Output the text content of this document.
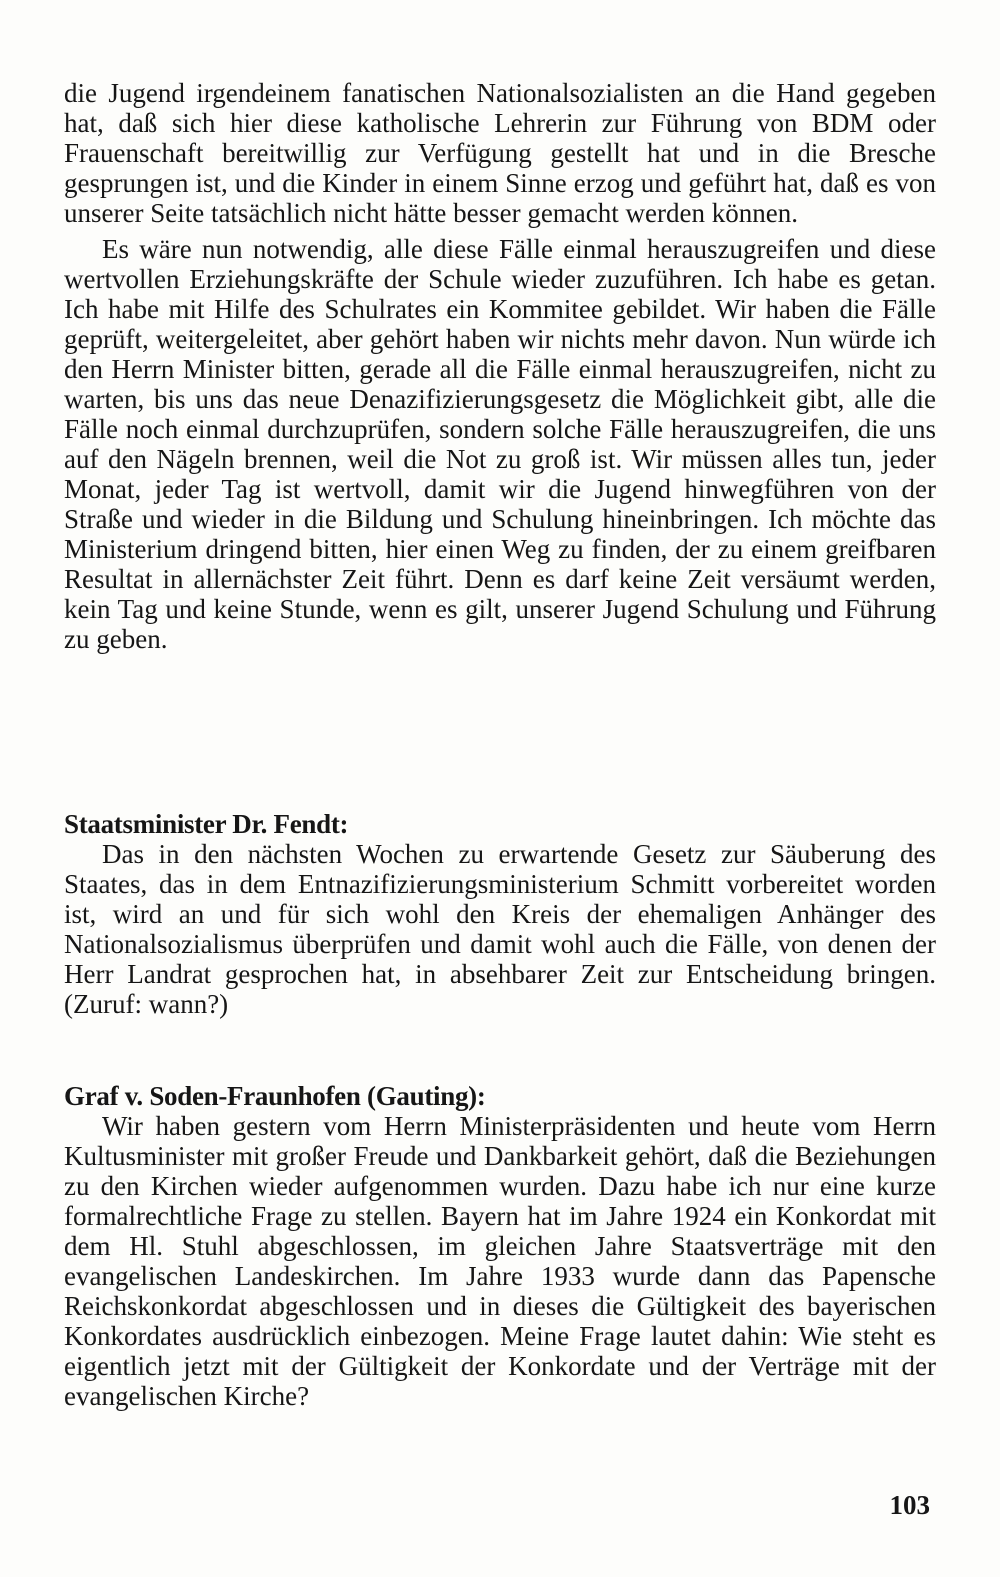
die Jugend irgendeinem fanatischen Nationalsozialisten an die Hand gegeben hat, daß sich hier diese katholische Lehrerin zur Führung von BDM oder Frauenschaft bereitwillig zur Verfügung gestellt hat und in die Bresche gesprungen ist, und die Kinder in einem Sinne erzog und geführt hat, daß es von unserer Seite tatsächlich nicht hätte besser gemacht werden können.

Es wäre nun notwendig, alle diese Fälle einmal herauszugreifen und diese wertvollen Erziehungskräfte der Schule wieder zuzuführen. Ich habe es getan. Ich habe mit Hilfe des Schulrates ein Kommitee gebildet. Wir haben die Fälle geprüft, weitergeleitet, aber gehört haben wir nichts mehr davon. Nun würde ich den Herrn Minister bitten, gerade all die Fälle einmal herauszugreifen, nicht zu warten, bis uns das neue Denazifizierungsgesetz die Möglichkeit gibt, alle die Fälle noch einmal durchzuprüfen, sondern solche Fälle herauszugreifen, die uns auf den Nägeln brennen, weil die Not zu groß ist. Wir müssen alles tun, jeder Monat, jeder Tag ist wertvoll, damit wir die Jugend hinwegführen von der Straße und wieder in die Bildung und Schulung hineinbringen. Ich möchte das Ministerium dringend bitten, hier einen Weg zu finden, der zu einem greifbaren Resultat in allernächster Zeit führt. Denn es darf keine Zeit versäumt werden, kein Tag und keine Stunde, wenn es gilt, unserer Jugend Schulung und Führung zu geben.

Staatsminister Dr. Fendt:

Das in den nächsten Wochen zu erwartende Gesetz zur Säuberung des Staates, das in dem Entnazifizierungsministerium Schmitt vorbereitet worden ist, wird an und für sich wohl den Kreis der ehemaligen Anhänger des Nationalsozialismus überprüfen und damit wohl auch die Fälle, von denen der Herr Landrat gesprochen hat, in absehbarer Zeit zur Entscheidung bringen. (Zuruf: wann?)

Graf v. Soden-Fraunhofen (Gauting):

Wir haben gestern vom Herrn Ministerpräsidenten und heute vom Herrn Kultusminister mit großer Freude und Dankbarkeit gehört, daß die Beziehungen zu den Kirchen wieder aufgenommen wurden. Dazu habe ich nur eine kurze formalrechtliche Frage zu stellen. Bayern hat im Jahre 1924 ein Konkordat mit dem Hl. Stuhl abgeschlossen, im gleichen Jahre Staatsverträge mit den evangelischen Landeskirchen. Im Jahre 1933 wurde dann das Papensche Reichskonkordat abgeschlossen und in dieses die Gültigkeit des bayerischen Konkordates ausdrücklich einbezogen. Meine Frage lautet dahin: Wie steht es eigentlich jetzt mit der Gültigkeit der Konkordate und der Verträge mit der evangelischen Kirche?

103
